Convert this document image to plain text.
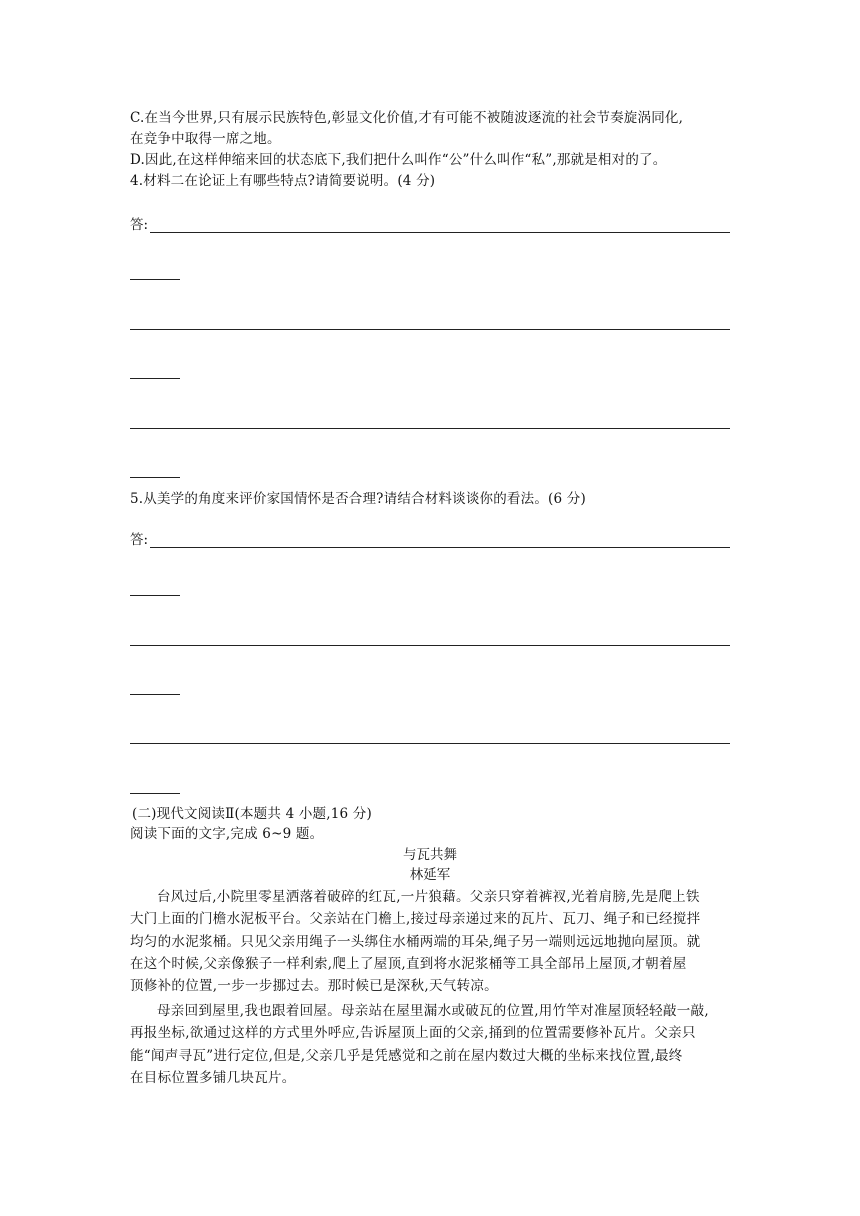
C.在当今世界,只有展示民族特色,彰显文化价值,才有可能不被随波逐流的社会节奏旋涡同化,
在竞争中取得一席之地。
D.因此,在这样伸缩来回的状态底下,我们把什么叫作“公”什么叫作“私”,那就是相对的了。
4.材料二在论证上有哪些特点?请简要说明。(4 分)
答:
5.从美学的角度来评价家国情怀是否合理?请结合材料谈谈你的看法。(6 分)
答:
(二)现代文阅读Ⅱ(本题共 4 小题,16 分)
阅读下面的文字,完成 6~9 题。
与瓦共舞
林延军
台风过后,小院里零星洒落着破碎的红瓦,一片狼藉。父亲只穿着裤衩,光着肩膀,先是爬上铁
大门上面的门檐水泥板平台。父亲站在门檐上,接过母亲递过来的瓦片、瓦刀、绳子和已经搅拌
均匀的水泥浆桶。只见父亲用绳子一头绑住水桶两端的耳朵,绳子另一端则远远地抛向屋顶。就
在这个时候,父亲像猴子一样利索,爬上了屋顶,直到将水泥浆桶等工具全部吊上屋顶,才朝着屋
顶修补的位置,一步一步挪过去。那时候已是深秋,天气转凉。
母亲回到屋里,我也跟着回屋。母亲站在屋里漏水或破瓦的位置,用竹竿对准屋顶轻轻敲一敲,
再报坐标,欲通过这样的方式里外呼应,告诉屋顶上面的父亲,捅到的位置需要修补瓦片。父亲只
能“闻声寻瓦”进行定位,但是,父亲几乎是凭感觉和之前在屋内数过大概的坐标来找位置,最终
在目标位置多铺几块瓦片。
